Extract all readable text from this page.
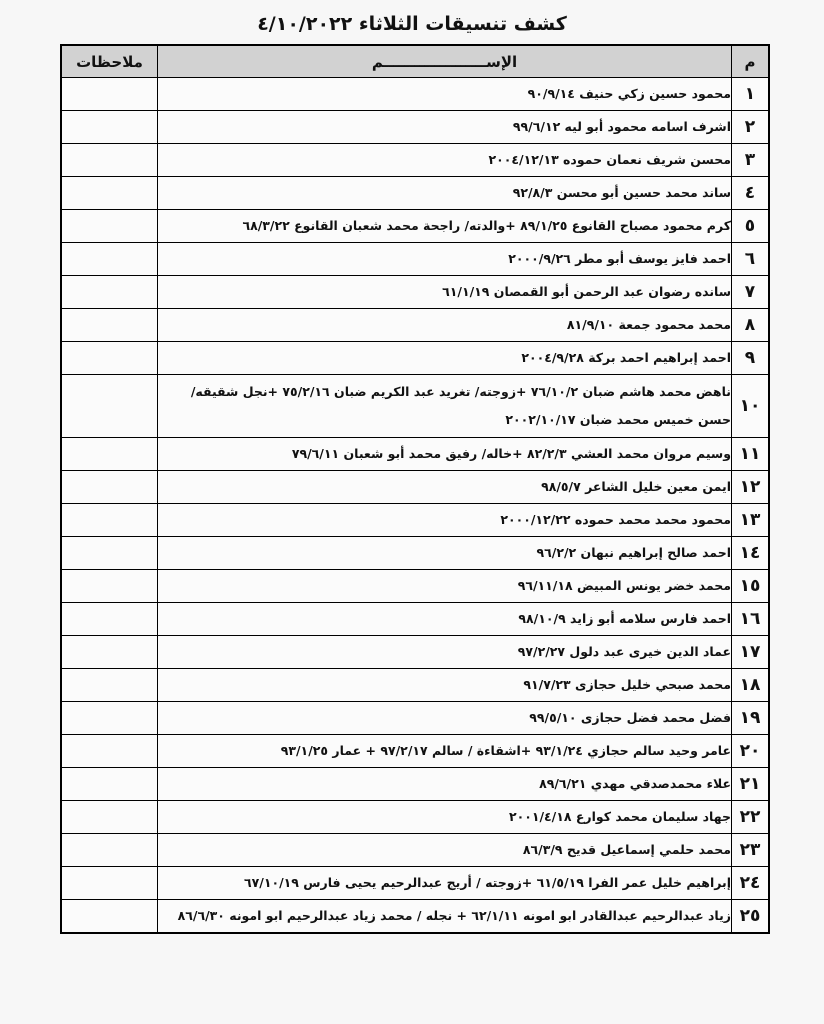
كشف تنسيقات الثلاثاء ٤/١٠/٢٠٢٢
م	الإســــــــــــــــــــم	ملاحظات
١	محمود حسين زكي حنيف ٩٠/٩/١٤	
٢	اشرف اسامه محمود أبو ليه ٩٩/٦/١٢	
٣	محسن شريف نعمان حموده ٢٠٠٤/١٢/١٣	
٤	ساند محمد حسين أبو محسن ٩٢/٨/٣	
٥	كرم محمود مصباح القانوع ٨٩/١/٢٥ +والدته/ راجحة محمد شعبان القانوع ٦٨/٣/٢٢	
٦	احمد فايز يوسف أبو مطر ٢٠٠٠/٩/٢٦	
٧	سانده رضوان عبد الرحمن أبو القمصان ٦١/١/١٩	
٨	محمد محمود جمعة ٨١/٩/١٠	
٩	احمد إبراهيم احمد بركة ٢٠٠٤/٩/٢٨	
١٠	ناهض محمد هاشم ضبان ٧٦/١٠/٢ +زوجته/ تغريد عبد الكريم ضبان ٧٥/٢/١٦ +نجل شقيقه/حسن خميس محمد ضبان ٢٠٠٢/١٠/١٧	
١١	وسيم مروان محمد العشي ٨٢/٢/٣ +خاله/ رفيق محمد أبو شعبان ٧٩/٦/١١	
١٢	ايمن معين خليل الشاعر ٩٨/٥/٧	
١٣	محمود محمد محمد حموده ٢٠٠٠/١٢/٢٢	
١٤	احمد صالح إبراهيم نبهان ٩٦/٢/٢	
١٥	محمد خضر يونس المبيض ٩٦/١١/١٨	
١٦	احمد فارس سلامه أبو زايد ٩٨/١٠/٩	
١٧	عماد الدين خيرى عبد دلول ٩٧/٢/٢٧	
١٨	محمد صبحي خليل حجازى ٩١/٧/٢٣	
١٩	فضل محمد فضل حجازى ٩٩/٥/١٠	
٢٠	عامر وحيد سالم حجازي ٩٣/١/٢٤ +اشقاءة / سالم ٩٧/٢/١٧ + عمار ٩٣/١/٢٥	
٢١	علاء محمدصدقي مهدي ٨٩/٦/٢١	
٢٢	جهاد سليمان محمد كوارع ٢٠٠١/٤/١٨	
٢٣	محمد حلمي إسماعيل قديح ٨٦/٣/٩	
٢٤	إبراهيم خليل عمر الفرا ٦١/٥/١٩ +زوجته / أريج عبدالرحيم يحيى فارس ٦٧/١٠/١٩	
٢٥	زياد عبدالرحيم عبدالقادر ابو امونه ٦٢/١/١١ + نجله / محمد زياد عبدالرحيم ابو امونه ٨٦/٦/٣٠	
